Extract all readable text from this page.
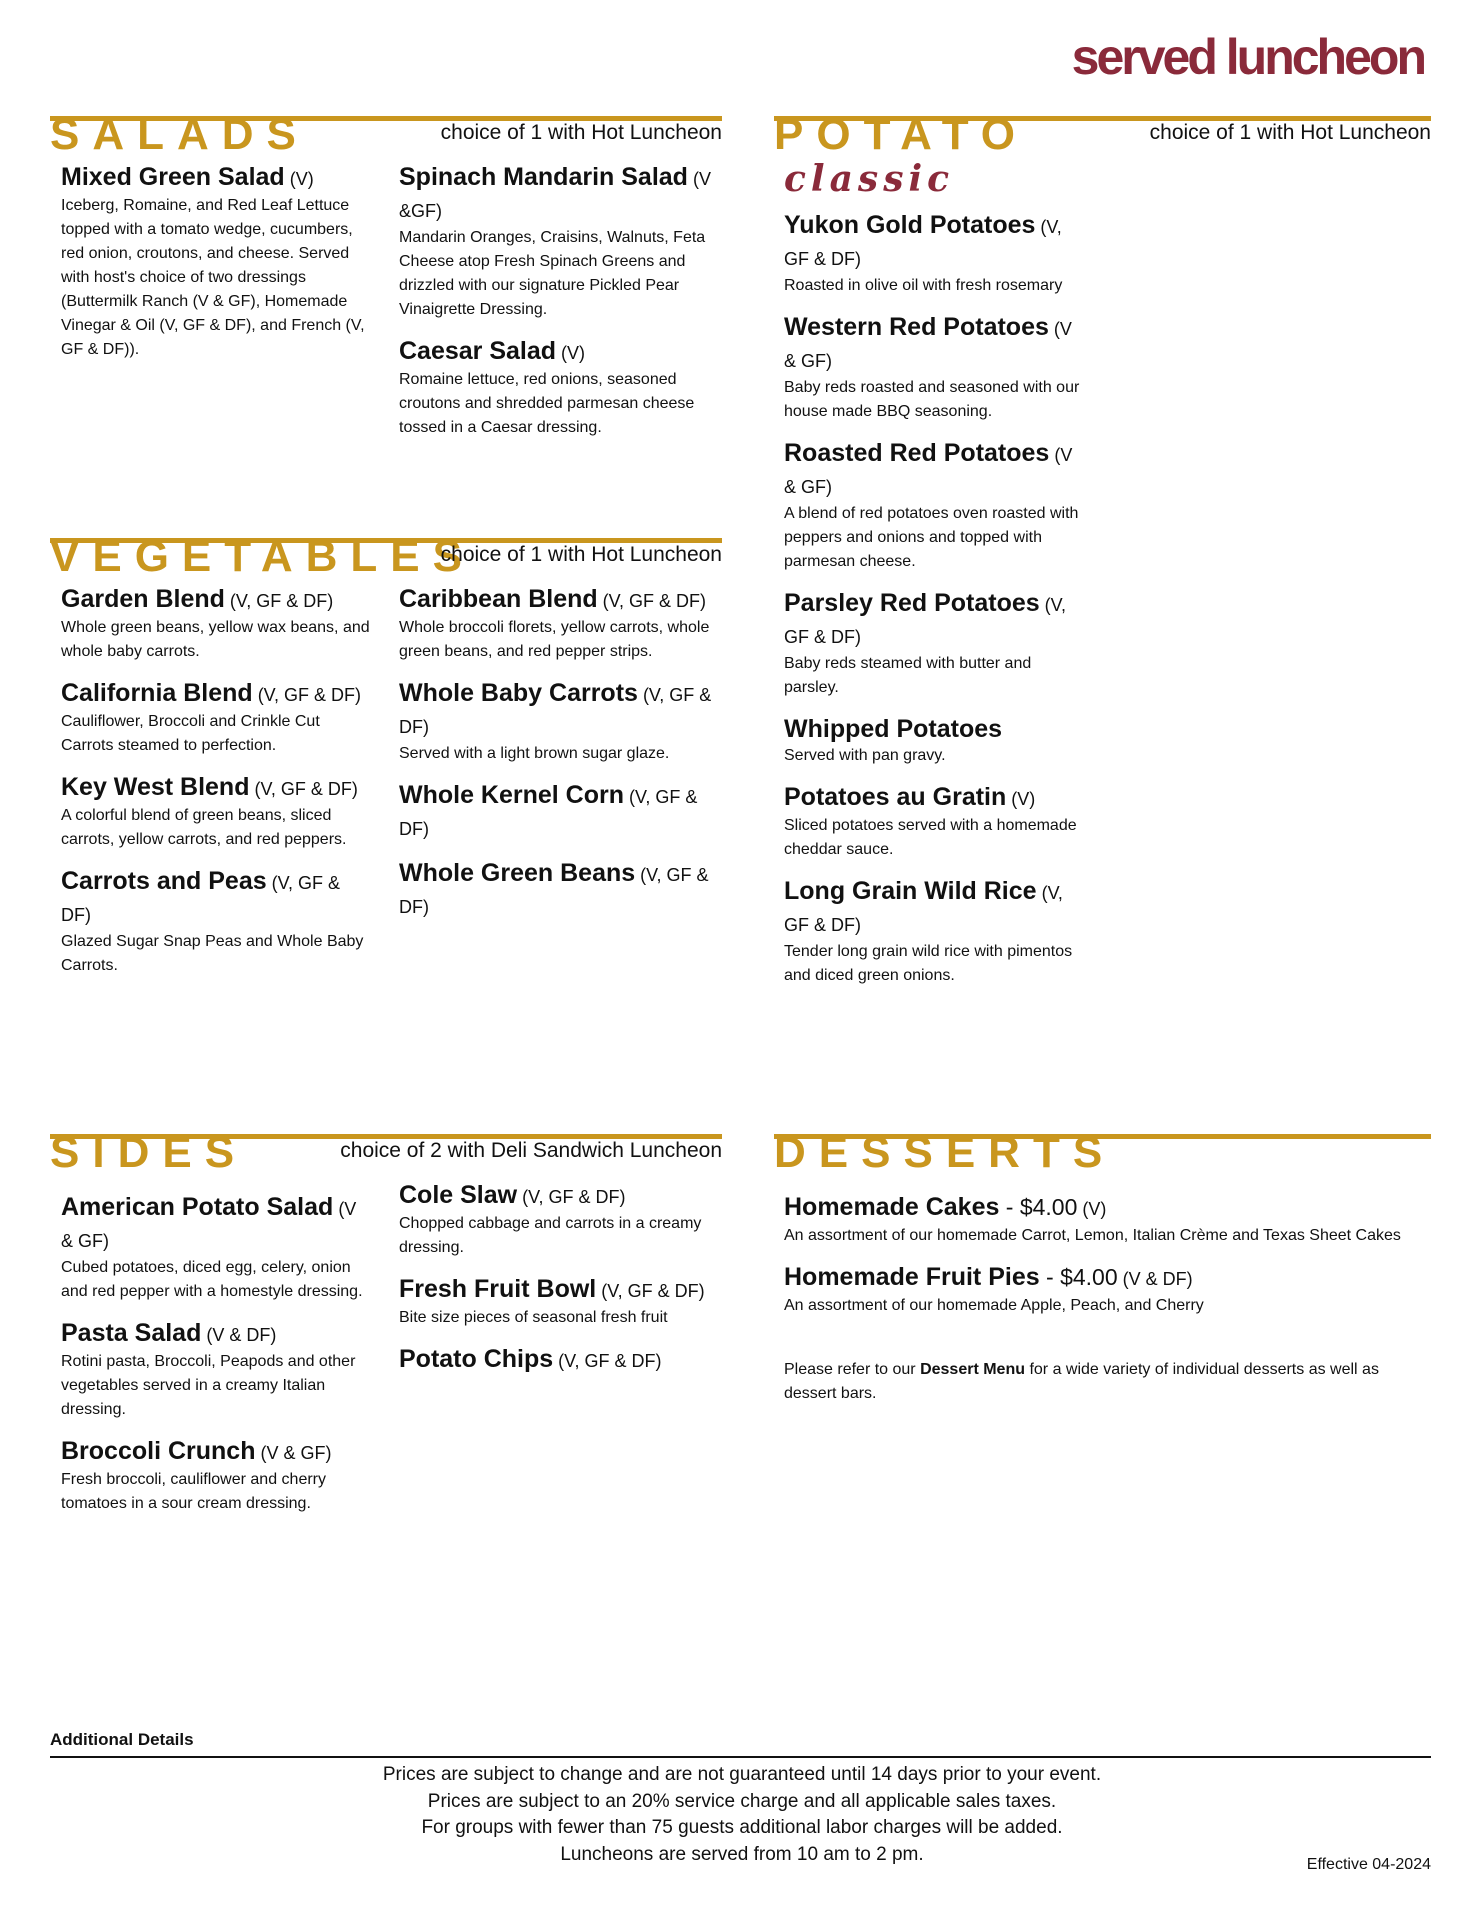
served luncheon
SALADS	choice of 1 with Hot Luncheon
Mixed Green Salad (V)
Iceberg, Romaine, and Red Leaf Lettuce topped with a tomato wedge, cucumbers, red onion, croutons, and cheese. Served with host's choice of two dressings (Buttermilk Ranch (V & GF), Homemade Vinegar & Oil (V, GF & DF), and French (V, GF & DF)).
Spinach Mandarin Salad (V &GF)
Mandarin Oranges, Craisins, Walnuts, Feta Cheese atop Fresh Spinach Greens and drizzled with our signature Pickled Pear Vinaigrette Dressing.
Caesar Salad (V)
Romaine lettuce, red onions, seasoned croutons and shredded parmesan cheese tossed in a Caesar dressing.
VEGETABLES
choice of 1 with Hot Luncheon
Garden Blend (V, GF & DF)
Whole green beans, yellow wax beans, and whole baby carrots.
California Blend (V, GF & DF)
Cauliflower, Broccoli and Crinkle Cut Carrots steamed to perfection.
Key West Blend (V, GF & DF)
A colorful blend of green beans, sliced carrots, yellow carrots, and red peppers.
Carrots and Peas (V, GF & DF)
Glazed Sugar Snap Peas and Whole Baby Carrots.
Caribbean Blend (V, GF & DF)
Whole broccoli florets, yellow carrots, whole green beans, and red pepper strips.
Whole Baby Carrots (V, GF & DF)
Served with a light brown sugar glaze.
Whole Kernel Corn (V, GF & DF)
Whole Green Beans (V, GF & DF)
POTATO	choice of 1 with Hot Luncheon
classic
Yukon Gold Potatoes (V, GF & DF)
Roasted in olive oil with fresh rosemary
Western Red Potatoes (V & GF)
Baby reds roasted and seasoned with our house made BBQ seasoning.
Roasted Red Potatoes (V & GF)
A blend of red potatoes oven roasted with peppers and onions and topped with parmesan cheese.
Parsley Red Potatoes (V, GF & DF)
Baby reds steamed with butter and parsley.
Whipped Potatoes
Served with pan gravy.
Potatoes au Gratin (V)
Sliced potatoes served with a homemade cheddar sauce.
Long Grain Wild Rice (V, GF & DF)
Tender long grain wild rice with pimentos and diced green onions.
SIDES	choice of 2 with Deli Sandwich Luncheon
American Potato Salad (V & GF)
Cubed potatoes, diced egg, celery, onion and red pepper with a homestyle dressing.
Pasta Salad (V & DF)
Rotini pasta, Broccoli, Peapods and other vegetables served in a creamy Italian dressing.
Broccoli Crunch (V & GF)
Fresh broccoli, cauliflower and cherry tomatoes in a sour cream dressing.
Cole Slaw (V, GF & DF)
Chopped cabbage and carrots in a creamy dressing.
Fresh Fruit Bowl (V, GF & DF)
Bite size pieces of seasonal fresh fruit
Potato Chips (V, GF & DF)
DESSERTS
Homemade Cakes - $4.00 (V)
An assortment of our homemade Carrot, Lemon, Italian Crème and Texas Sheet Cakes
Homemade Fruit Pies - $4.00 (V & DF)
An assortment of our homemade Apple, Peach, and Cherry
Please refer to our Dessert Menu for a wide variety of individual desserts as well as dessert bars.
Additional Details
Prices are subject to change and are not guaranteed until 14 days prior to your event.
Prices are subject to an 20% service charge and all applicable sales taxes.
For groups with fewer than 75 guests additional labor charges will be added.
Luncheons are served from 10 am to 2 pm.	Effective 04-2024
